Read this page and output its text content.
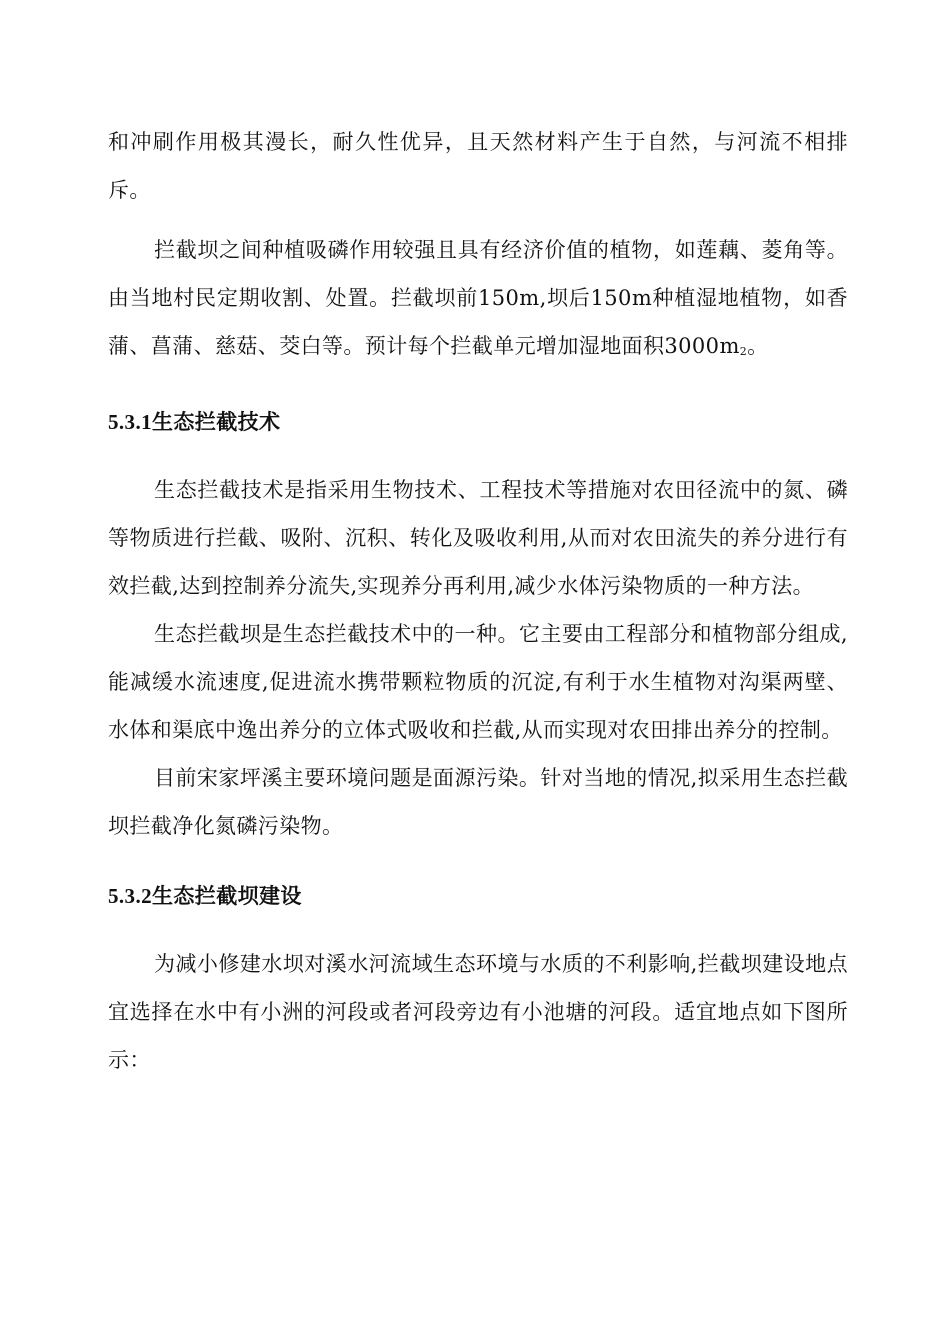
和冲刷作用极其漫长，耐久性优异，且天然材料产生于自然，与河流不相排斥。

拦截坝之间种植吸磷作用较强且具有经济价值的植物，如莲藕、菱角等。由当地村民定期收割、处置。拦截坝前150m,坝后150m种植湿地植物，如香蒲、菖蒲、慈菇、茭白等。预计每个拦截单元增加湿地面积$3000m_2$。

5.3.1生态拦截技术

生态拦截技术是指采用生物技术、工程技术等措施对农田径流中的氮、磷等物质进行拦截、吸附、沉积、转化及吸收利用,从而对农田流失的养分进行有效拦截,达到控制养分流失,实现养分再利用,减少水体污染物质的一种方法。

生态拦截坝是生态拦截技术中的一种。它主要由工程部分和植物部分组成,能减缓水流速度,促进流水携带颗粒物质的沉淀,有利于水生植物对沟渠两壁、水体和渠底中逸出养分的立体式吸收和拦截,从而实现对农田排出养分的控制。

目前宋家坪溪主要环境问题是面源污染。针对当地的情况,拟采用生态拦截坝拦截净化氮磷污染物。

5.3.2生态拦截坝建设

为减小修建水坝对溪水河流域生态环境与水质的不利影响,拦截坝建设地点宜选择在水中有小洲的河段或者河段旁边有小池塘的河段。适宜地点如下图所示：
